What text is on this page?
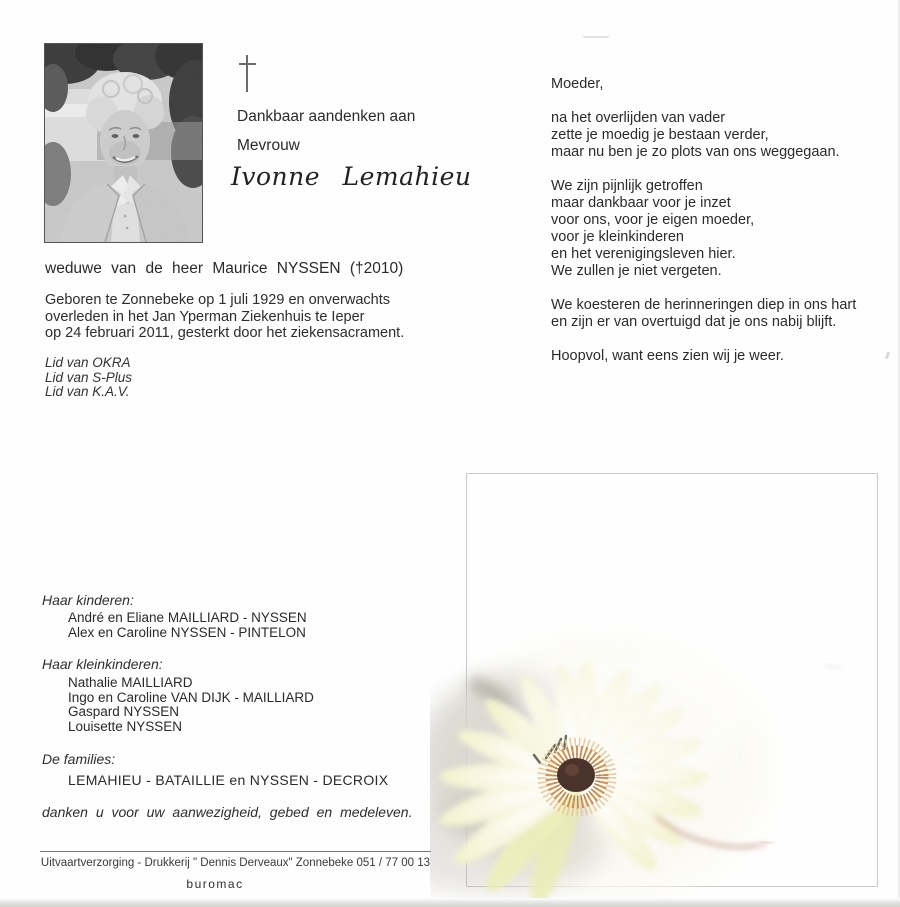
Dankbaar aandenken aan
Mevrouw
Ivonne Lemahieu
weduwe van de heer Maurice NYSSEN (†2010)

Geboren te Zonnebeke op 1 juli 1929 en onverwachts

overleden in het Jan Yperman Ziekenhuis te Ieper

op 24 februari 2011, gesterkt door het ziekensacrament.

Lid van OKRA

Lid van S-Plus

Lid van K.A.V.

Moeder,

na het overlijden van vader

zette je moedig je bestaan verder,

maar nu ben je zo plots van ons weggegaan.

We zijn pijnlijk getroffen

maar dankbaar voor je inzet

voor ons, voor je eigen moeder,

voor je kleinkinderen

en het verenigingsleven hier.

We zullen je niet vergeten.

We koesteren de herinneringen diep in ons hart

en zijn er van overtuigd dat je ons nabij blijft.

Hoopvol, want eens zien wij je weer.

Haar kinderen:

André en Eliane MAILLIARD - NYSSEN

Alex en Caroline NYSSEN - PINTELON

Haar kleinkinderen:

Nathalie MAILLIARD

Ingo en Caroline VAN DIJK - MAILLIARD

Gaspard NYSSEN

Louisette NYSSEN

De families:
LEMAHIEU - BATAILLIE en NYSSEN - DECROIX
danken u voor uw aanwezigheid, gebed en medeleven.
Uitvaartverzorging - Drukkerij " Dennis Derveaux" Zonnebeke 051 / 77 00 13
buromac
